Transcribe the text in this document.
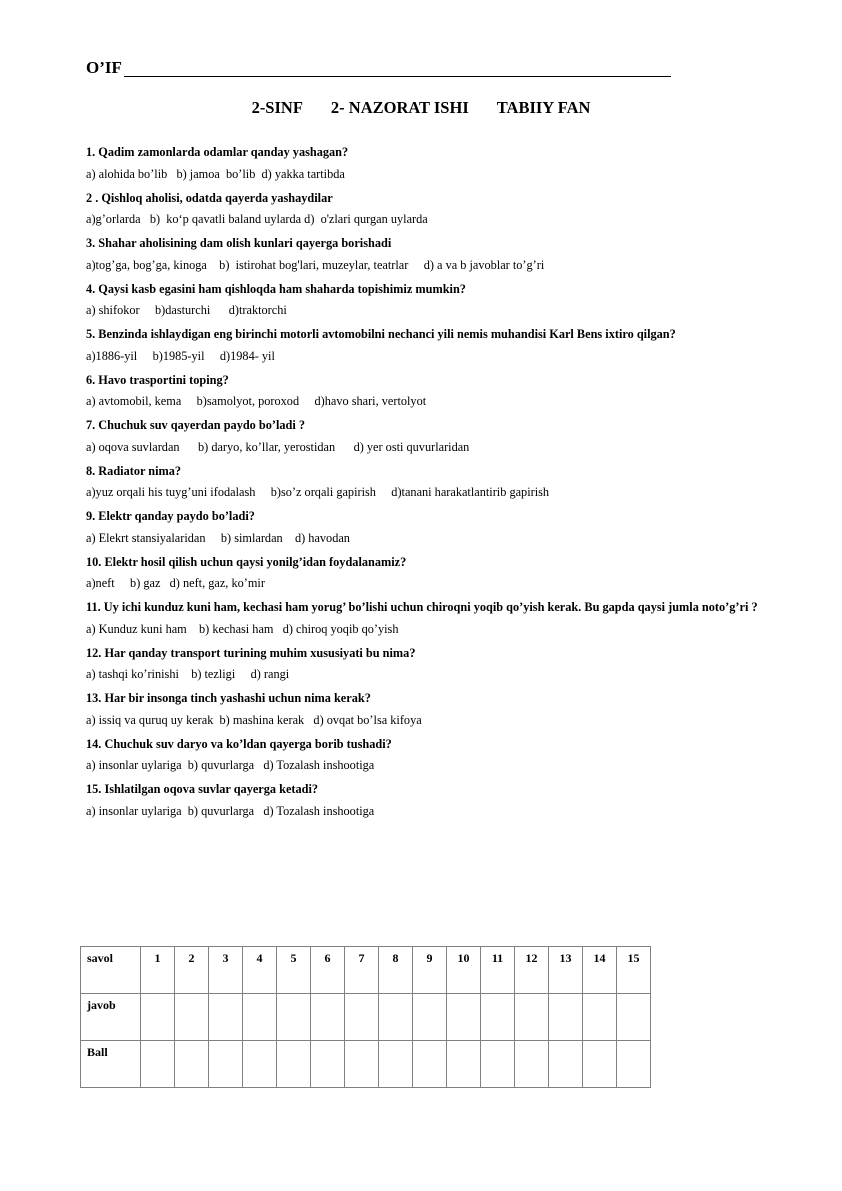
O’IF
2-SINF 2- NAZORAT ISHI TABIIY FAN

1. Qadim zamonlarda odamlar qanday yashagan?

a) alohida bo’lib   b) jamoa  bo’lib  d) yakka tartibda

2 . Qishloq aholisi, odatda qayerda yashaydilar

a)g’orlarda   b)  ko‘p qavatli baland uylarda d)  o'zlari qurgan uylarda

3. Shahar aholisining dam olish kunlari qayerga borishadi

a)tog’ga, bog’ga, kinoga    b)  istirohat bog'lari, muzeylar, teatrlar     d) a va b javoblar to’g’ri

4. Qaysi kasb egasini ham qishloqda ham shaharda topishimiz mumkin?

a) shifokor     b)dasturchi      d)traktorchi

5. Benzinda ishlaydigan eng birinchi motorli avtomobilni nechanci yili nemis muhandisi Karl Bens ixtiro qilgan?

a)1886-yil     b)1985-yil     d)1984- yil

6. Havo trasportini toping?

a) avtomobil, kema     b)samolyot, poroxod     d)havo shari, vertolyot

7. Chuchuk suv qayerdan paydo bo’ladi ?

a) oqova suvlardan      b) daryo, ko’llar, yerostidan      d) yer osti quvurlaridan

8. Radiator nima?

a)yuz orqali his tuyg’uni ifodalash     b)so’z orqali gapirish     d)tanani harakatlantirib gapirish

9. Elektr qanday paydo bo’ladi?

a) Elekrt stansiyalaridan     b) simlardan    d) havodan

10. Elektr hosil qilish uchun qaysi yonilg’idan foydalanamiz?

a)neft     b) gaz   d) neft, gaz, ko’mir

11. Uy ichi kunduz kuni ham, kechasi ham yorug’ bo’lishi uchun chiroqni yoqib qo’yish kerak. Bu gapda qaysi jumla noto’g’ri ?

a) Kunduz kuni ham    b) kechasi ham   d) chiroq yoqib qo’yish

12. Har qanday transport turining muhim xususiyati bu nima?

a) tashqi ko’rinishi    b) tezligi     d) rangi

13. Har bir insonga tinch yashashi uchun nima kerak?

a) issiq va quruq uy kerak  b) mashina kerak   d) ovqat bo’lsa kifoya

14. Chuchuk suv daryo va ko’ldan qayerga borib tushadi?

a) insonlar uylariga  b) quvurlarga   d) Tozalash inshootiga

15. Ishlatilgan oqova suvlar qayerga ketadi?

a) insonlar uylariga  b) quvurlarga   d) Tozalash inshootiga

savol	1	2	3	4	5	6	7	8	9	10	11	12	13	14	15
javob															
Ball															
